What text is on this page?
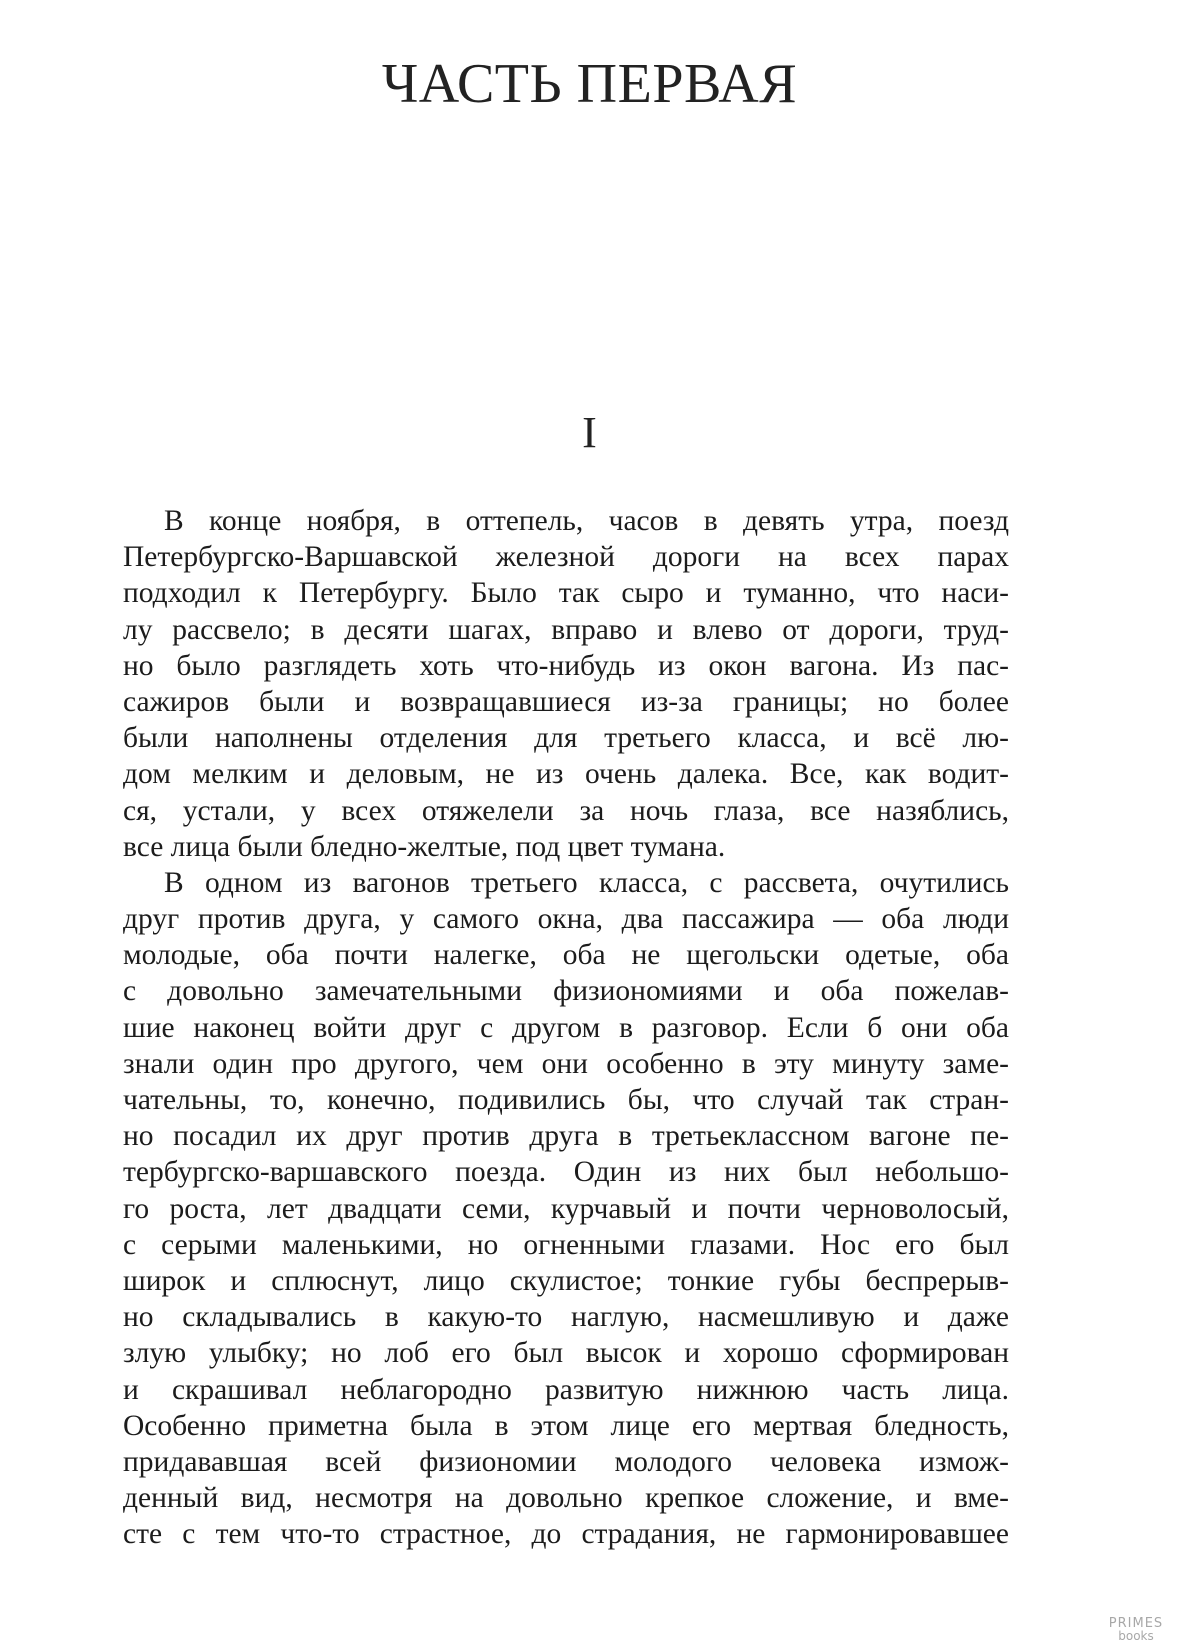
ЧАСТЬ ПЕРВАЯ
I
В конце ноября, в оттепель, часов в девять утра, поезд
Петербургско-Варшавской железной дороги на всех парах
подходил к Петербургу. Было так сыро и туманно, что наси-
лу рассвело; в десяти шагах, вправо и влево от дороги, труд-
но было разглядеть хоть что-нибудь из окон вагона. Из пас-
сажиров были и возвращавшиеся из-за границы; но более
были наполнены отделения для третьего класса, и всё лю-
дом мелким и деловым, не из очень далека. Все, как водит-
ся, устали, у всех отяжелели за ночь глаза, все назяблись,
все лица были бледно-желтые, под цвет тумана.
В одном из вагонов третьего класса, с рассвета, очутились
друг против друга, у самого окна, два пассажира — оба люди
молодые, оба почти налегке, оба не щегольски одетые, оба
с довольно замечательными физиономиями и оба пожелав-
шие наконец войти друг с другом в разговор. Если б они оба
знали один про другого, чем они особенно в эту минуту заме-
чательны, то, конечно, подивились бы, что случай так стран-
но посадил их друг против друга в третьеклассном вагоне пе-
тербургско-варшавского поезда. Один из них был небольшо-
го роста, лет двадцати семи, курчавый и почти черноволосый,
с серыми маленькими, но огненными глазами. Нос его был
широк и сплюснут, лицо скулистое; тонкие губы беспрерыв-
но складывались в какую-то наглую, насмешливую и даже
злую улыбку; но лоб его был высок и хорошо сформирован
и скрашивал неблагородно развитую нижнюю часть лица.
Особенно приметна была в этом лице его мертвая бледность,
придававшая всей физиономии молодого человека измож-
денный вид, несмотря на довольно крепкое сложение, и вме-
сте с тем что-то страстное, до страдания, не гармонировавшее
PRIMES
books
